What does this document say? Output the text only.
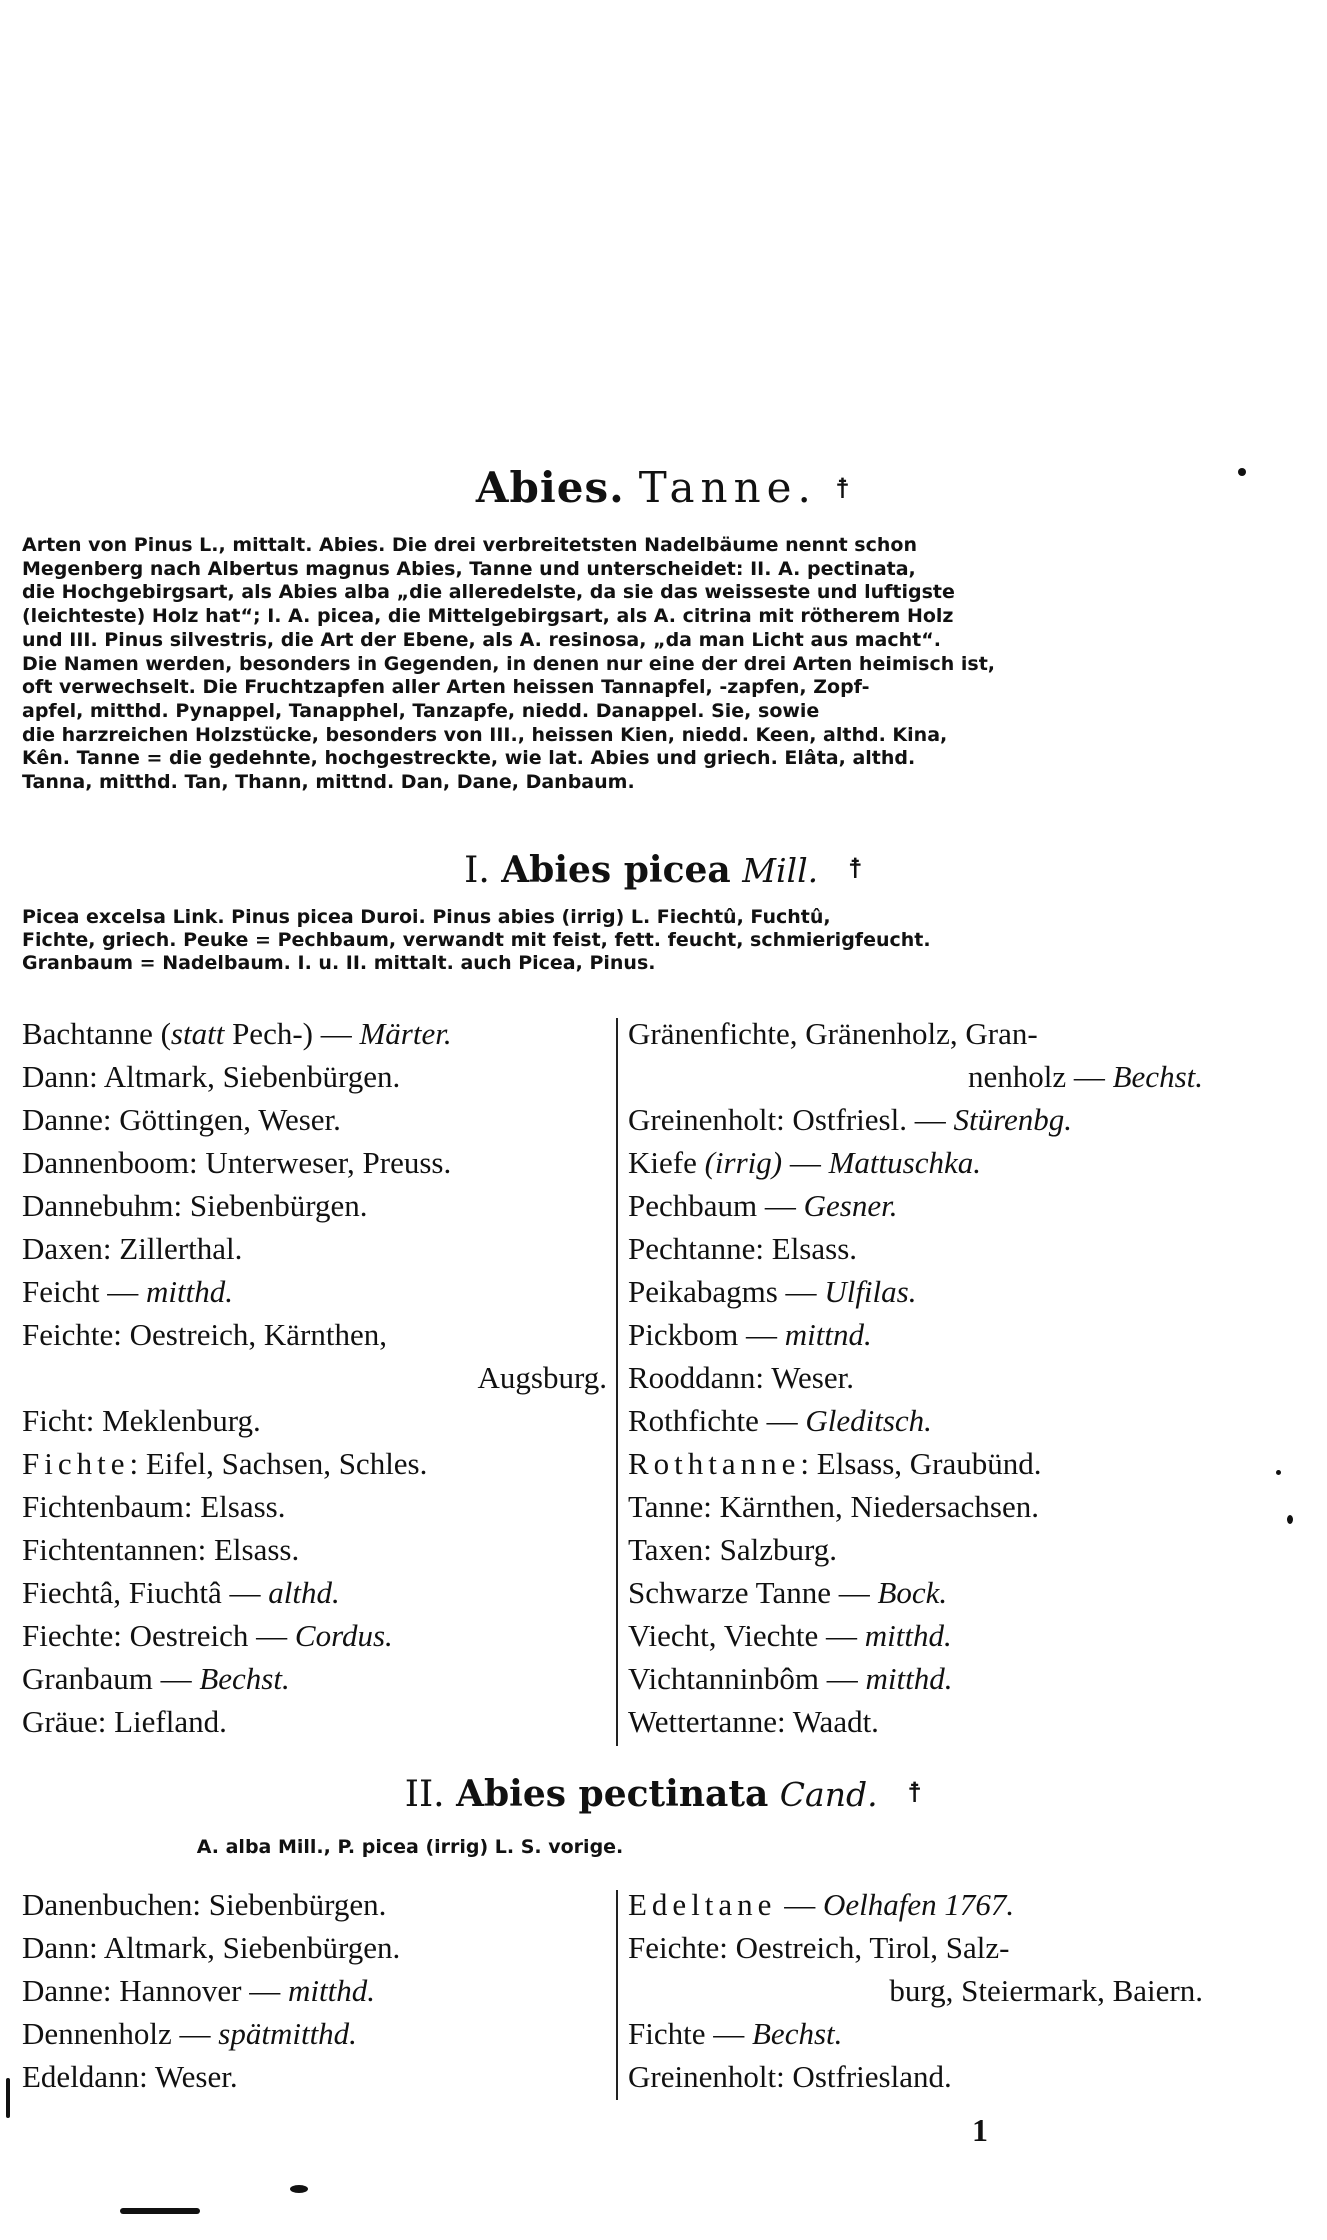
Abies. Tanne. ☨

Arten von Pinus L., mittalt. Abies. Die drei verbreitetsten Nadelbäume nennt schon

Megenberg nach Albertus magnus Abies, Tanne und unterscheidet: II. A. pectinata,

die Hochgebirgsart, als Abies alba „die alleredelste, da sie das weisseste und luftigste

(leichteste) Holz hat“; I. A. picea, die Mittelgebirgsart, als A. citrina mit rötherem Holz

und III. Pinus silvestris, die Art der Ebene, als A. resinosa, „da man Licht aus macht“.

Die Namen werden, besonders in Gegenden, in denen nur eine der drei Arten heimisch ist,

oft verwechselt. Die Fruchtzapfen aller Arten heissen Tannapfel, -zapfen, Zopf-

apfel, mitthd. Pynappel, Tanapphel, Tanzapfe, niedd. Danappel. Sie, sowie

die harzreichen Holzstücke, besonders von III., heissen Kien, niedd. Keen, althd. Kina,

Kên. Tanne = die gedehnte, hochgestreckte, wie lat. Abies und griech. Elâta, althd.

Tanna, mitthd. Tan, Thann, mittnd. Dan, Dane, Danbaum.

I. Abies picea Mill. ☨

Picea excelsa Link. Pinus picea Duroi. Pinus abies (irrig) L. Fiechtû, Fuchtû,

Fichte, griech. Peuke = Pechbaum, verwandt mit feist, fett. feucht, schmierigfeucht.

Granbaum = Nadelbaum. I. u. II. mittalt. auch Picea, Pinus.

Bachtanne (statt Pech-) — Märter.
Dann: Altmark, Siebenbürgen.
Danne: Göttingen, Weser.
Dannenboom: Unterweser, Preuss.
Dannebuhm: Siebenbürgen.
Daxen: Zillerthal.
Feicht — mitthd.
Feichte: Oestreich, Kärnthen,
Augsburg.
Ficht: Meklenburg.
Fichte: Eifel, Sachsen, Schles.
Fichtenbaum: Elsass.
Fichtentannen: Elsass.
Fiechtâ, Fiuchtâ — althd.
Fiechte: Oestreich — Cordus.
Granbaum — Bechst.
Gräue: Liefland.
Gränenfichte, Gränenholz, Gran-
nenholz — Bechst.
Greinenholt: Ostfriesl. — Stürenbg.
Kiefe (irrig) — Mattuschka.
Pechbaum — Gesner.
Pechtanne: Elsass.
Peikabagms — Ulfilas.
Pickbom — mittnd.
Rooddann: Weser.
Rothfichte — Gleditsch.
Rothtanne: Elsass, Graubünd.
Tanne: Kärnthen, Niedersachsen.
Taxen: Salzburg.
Schwarze Tanne — Bock.
Viecht, Viechte — mitthd.
Vichtanninbôm — mitthd.
Wettertanne: Waadt.
II. Abies pectinata Cand. ☨

A. alba Mill., P. picea (irrig) L. S. vorige.

Danenbuchen: Siebenbürgen.
Dann: Altmark, Siebenbürgen.
Danne: Hannover — mitthd.
Dennenholz — spätmitthd.
Edeldann: Weser.
Edeltane — Oelhafen 1767.
Feichte: Oestreich, Tirol, Salz-
burg, Steiermark, Baiern.
Fichte — Bechst.
Greinenholt: Ostfriesland.
1
